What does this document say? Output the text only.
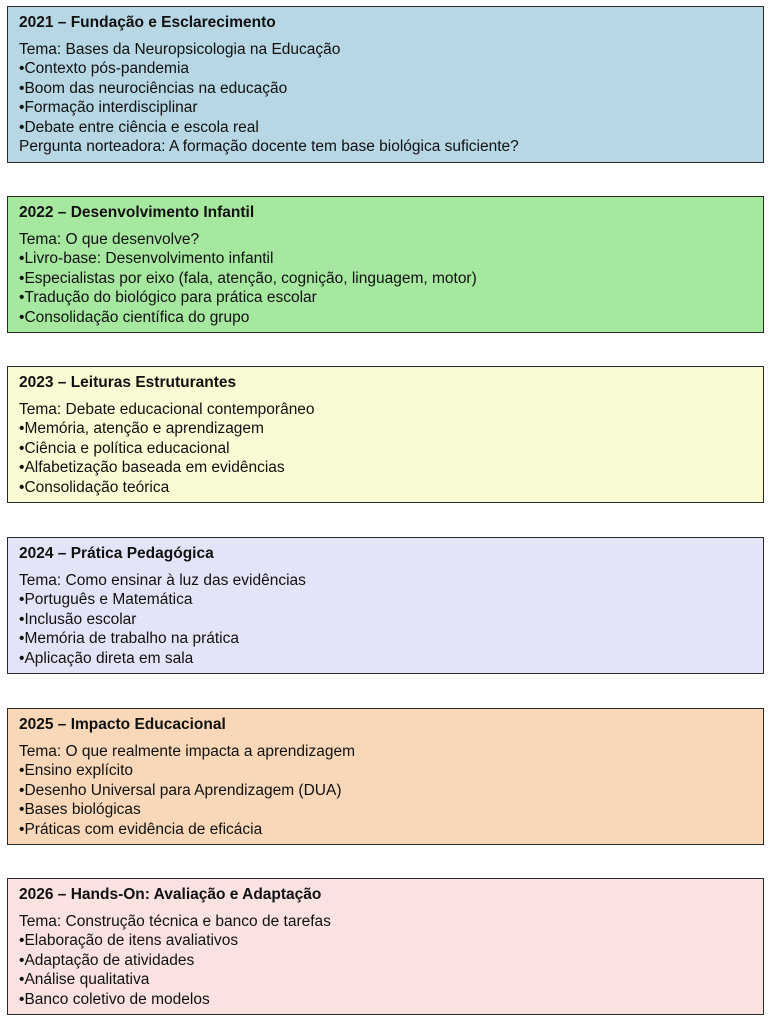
2021 – Fundação e Esclarecimento
Tema: Bases da Neuropsicologia na Educação
• Contexto pós-pandemia
• Boom das neurociências na educação
• Formação interdisciplinar
• Debate entre ciência e escola real
Pergunta norteadora: A formação docente tem base biológica suficiente?
2022 – Desenvolvimento Infantil
Tema: O que desenvolve?
• Livro-base: Desenvolvimento infantil
• Especialistas por eixo (fala, atenção, cognição, linguagem, motor)
• Tradução do biológico para prática escolar
• Consolidação científica do grupo
2023 – Leituras Estruturantes
Tema: Debate educacional contemporâneo
• Memória, atenção e aprendizagem
• Ciência e política educacional
• Alfabetização baseada em evidências
• Consolidação teórica
2024 – Prática Pedagógica
Tema: Como ensinar à luz das evidências
• Português e Matemática
• Inclusão escolar
• Memória de trabalho na prática
• Aplicação direta em sala
2025 – Impacto Educacional
Tema: O que realmente impacta a aprendizagem
• Ensino explícito
• Desenho Universal para Aprendizagem (DUA)
• Bases biológicas
• Práticas com evidência de eficácia
2026 – Hands-On: Avaliação e Adaptação
Tema: Construção técnica e banco de tarefas
• Elaboração de itens avaliativos
• Adaptação de atividades
• Análise qualitativa
• Banco coletivo de modelos
